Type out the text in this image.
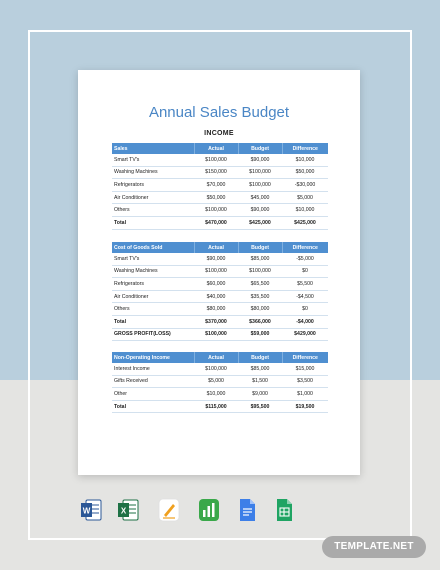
Annual Sales Budget
INCOME
Sales	Actual	Budget	Difference
Smart TV's	$100,000	$90,000	$10,000
Washing Machines	$150,000	$100,000	$50,000
Refrigerators	$70,000	$100,000	-$30,000
Air Conditioner	$50,000	$45,000	$5,000
Others	$100,000	$90,000	$10,000
Total	$470,000	$425,000	$425,000
Cost of Goods Sold	Actual	Budget	Difference
Smart TV's	$90,000	$85,000	-$5,000
Washing Machines	$100,000	$100,000	$0
Refrigerators	$60,000	$65,500	$5,500
Air Conditioner	$40,000	$35,500	-$4,500
Others	$80,000	$80,000	$0
Total	$370,000	$366,000	-$4,000
GROSS PROFIT(LOSS)	$100,000	$59,000	$429,000
Non-Operating Income	Actual	Budget	Difference
Interest Income	$100,000	$85,000	$15,000
Gifts Received	$5,000	$1,500	$3,500
Other	$10,000	$9,000	$1,000
Total	$115,000	$95,500	$19,500
W	X
TEMPLATE.NET
